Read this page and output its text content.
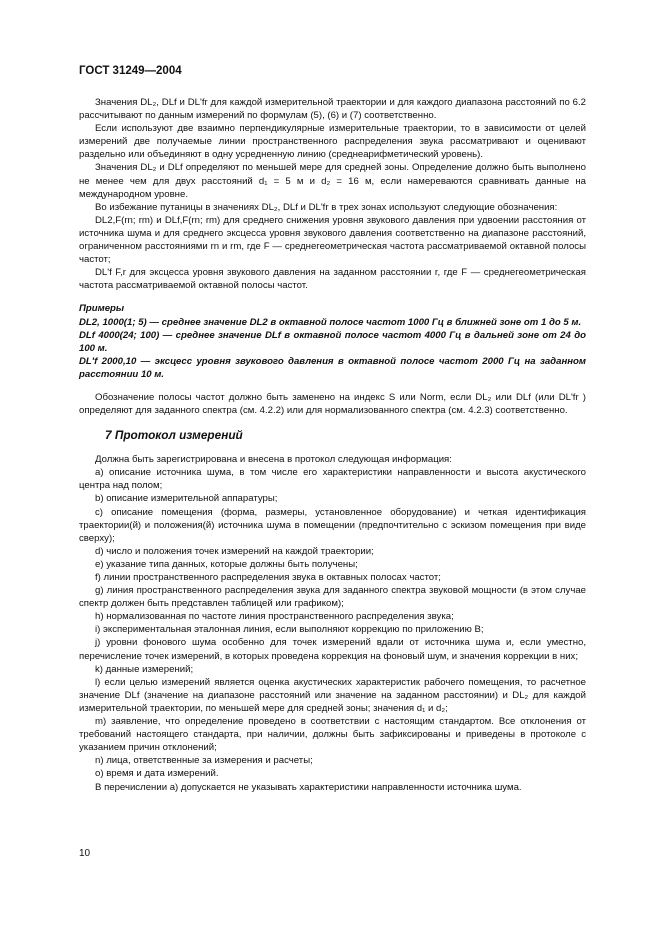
ГОСТ 31249—2004

Значения DL₂, DLf и DL'fr для каждой измерительной траектории и для каждого диапазона расстояний по 6.2 рассчитывают по данным измерений по формулам (5), (6) и (7) соответственно.

Если используют две взаимно перпендикулярные измерительные траектории, то в зависимости от целей измерений две получаемые линии пространственного распределения звука рассматривают и оценивают раздельно или объединяют в одну усредненную линию (среднеарифметический уровень).

Значения DL₂ и DLf определяют по меньшей мере для средней зоны. Определение должно быть выполнено не менее чем для двух расстояний d₁ = 5 м и d₂ = 16 м, если намереваются сравнивать данные на международном уровне.

Во избежание путаницы в значениях DL₂, DLf и DL'fr в трех зонах используют следующие обозначения:

DL2,F(rn; rm) и DLf,F(rn; rm) для среднего снижения уровня звукового давления при удвоении расстояния от источника шума и для среднего эксцесса уровня звукового давления соответственно на диапазоне расстояний, ограниченном расстояниями rn и rm, где F — среднегеометрическая частота рассматриваемой октавной полосы частот;

DL'f F,r для эксцесса уровня звукового давления на заданном расстоянии r, где F — среднегеометрическая частота рассматриваемой октавной полосы частот.

Примеры

DL2, 1000(1; 5) — среднее значение DL2 в октавной полосе частот 1000 Гц в ближней зоне от 1 до 5 м.

DLf 4000(24; 100) — среднее значение DLf в октавной полосе частот 4000 Гц в дальней зоне от 24 до 100 м.

DL'f 2000,10 — эксцесс уровня звукового давления в октавной полосе частот 2000 Гц на заданном расстоянии 10 м.

Обозначение полосы частот должно быть заменено на индекс S или Norm, если DL₂ или DLf (или DL'fr ) определяют для заданного спектра (см. 4.2.2) или для нормализованного спектра (см. 4.2.3) соответственно.

7 Протокол измерений

Должна быть зарегистрирована и внесена в протокол следующая информация:

а) описание источника шума, в том числе его характеристики направленности и высота акустического центра над полом;

b) описание измерительной аппаратуры;

с) описание помещения (форма, размеры, установленное оборудование) и четкая идентификация траектории(й) и положения(й) источника шума в помещении (предпочтительно с эскизом помещения при виде сверху);

d) число и положения точек измерений на каждой траектории;

е) указание типа данных, которые должны быть получены;

f) линии пространственного распределения звука в октавных полосах частот;

g) линия пространственного распределения звука для заданного спектра звуковой мощности (в этом случае спектр должен быть представлен таблицей или графиком);

h) нормализованная по частоте линия пространственного распределения звука;

i) экспериментальная эталонная линия, если выполняют коррекцию по приложению В;

j) уровни фонового шума особенно для точек измерений вдали от источника шума и, если уместно, перечисление точек измерений, в которых проведена коррекция на фоновый шум, и значения коррекции в них;

k) данные измерений;

l) если целью измерений является оценка акустических характеристик рабочего помещения, то расчетное значение DLf (значение на диапазоне расстояний или значение на заданном расстоянии) и DL₂ для каждой измерительной траектории, по меньшей мере для средней зоны; значения d₁ и d₂;

m) заявление, что определение проведено в соответствии с настоящим стандартом. Все отклонения от требований настоящего стандарта, при наличии, должны быть зафиксированы и приведены в протоколе с указанием причин отклонений;

n) лица, ответственные за измерения и расчеты;

о) время и дата измерений.

В перечислении а) допускается не указывать характеристики направленности источника шума.

10
